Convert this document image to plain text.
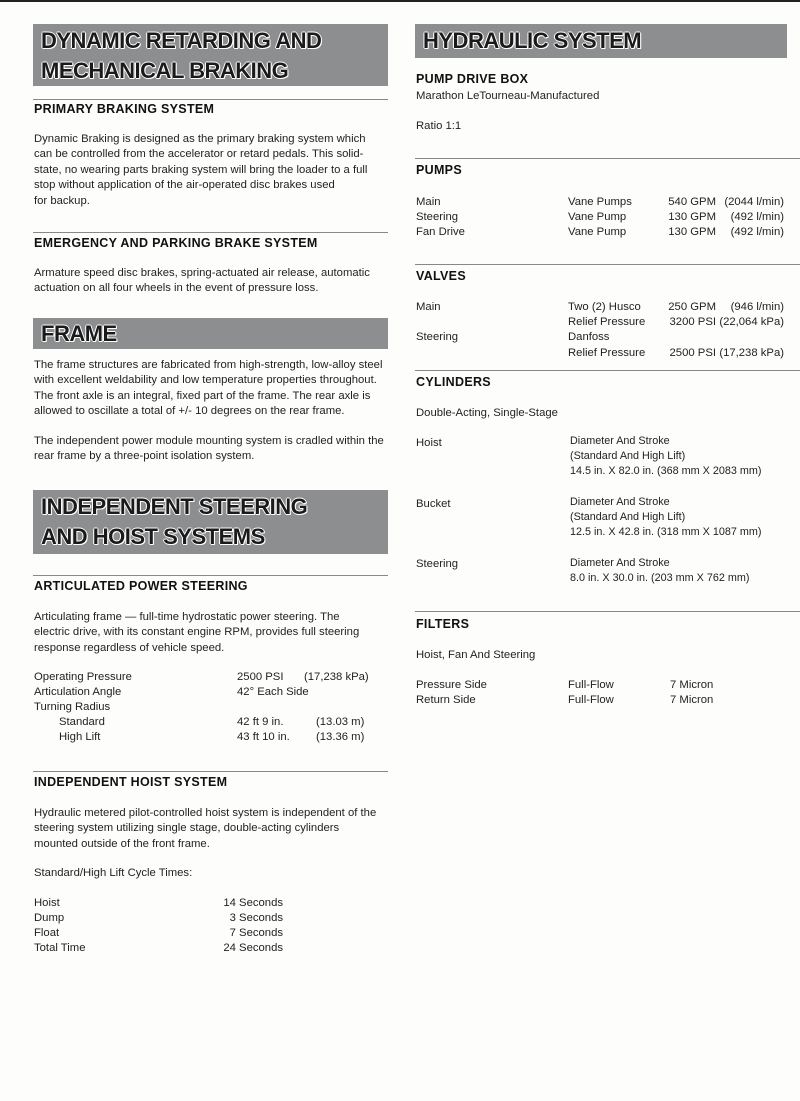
DYNAMIC RETARDING AND
MECHANICAL BRAKING
PRIMARY BRAKING SYSTEM
Dynamic Braking is designed as the primary braking system which
can be controlled from the accelerator or retard pedals. This solid-
state, no wearing parts braking system will bring the loader to a full
stop without application of the air-operated disc brakes used
for backup.
EMERGENCY AND PARKING BRAKE SYSTEM
Armature speed disc brakes, spring-actuated air release, automatic
actuation on all four wheels in the event of pressure loss.
FRAME
The frame structures are fabricated from high-strength, low-alloy steel
with excellent weldability and low temperature properties throughout.
The front axle is an integral, fixed part of the frame. The rear axle is
allowed to oscillate a total of +/- 10 degrees on the rear frame.
The independent power module mounting system is cradled within the
rear frame by a three-point isolation system.
INDEPENDENT STEERING
AND HOIST SYSTEMS
ARTICULATED POWER STEERING
Articulating frame — full-time hydrostatic power steering. The
electric drive, with its constant engine RPM, provides full steering
response regardless of vehicle speed.
Operating Pressure	2500 PSI (17,238 kPa)
Articulation Angle	42° Each Side
Turning Radius
Standard	42 ft 9 in.	(13.03 m)
High Lift	43 ft 10 in. (13.36 m)
INDEPENDENT HOIST SYSTEM
Hydraulic metered pilot-controlled hoist system is independent of the
steering system utilizing single stage, double-acting cylinders
mounted outside of the front frame.
Standard/High Lift Cycle Times:
Hoist	14 Seconds
Dump	3 Seconds
Float	7 Seconds
Total Time	24 Seconds
HYDRAULIC SYSTEM
PUMP DRIVE BOX
Marathon LeTourneau-Manufactured
Ratio 1:1
PUMPS
Main	Vane Pumps	540 GPM (2044 l/min)
Steering	Vane Pump	130 GPM	(492 l/min)
Fan Drive	Vane Pump	130 GPM	(492 l/min)
VALVES
Main	Two (2) Husco	250 GPM	(946 l/min)
Relief Pressure	3200 PSI (22,064 kPa)
Steering	Danfoss
Relief Pressure	2500 PSI (17,238 kPa)
CYLINDERS
Double-Acting, Single-Stage
Hoist	Diameter And Stroke
(Standard And High Lift)
14.5 in. X 82.0 in. (368 mm X 2083 mm)
Bucket	Diameter And Stroke
(Standard And High Lift)
12.5 in. X 42.8 in. (318 mm X 1087 mm)
Steering	Diameter And Stroke
8.0 in. X 30.0 in. (203 mm X 762 mm)
FILTERS
Hoist, Fan And Steering
Pressure Side	Full-Flow	7 Micron
Return Side	Full-Flow	7 Micron
